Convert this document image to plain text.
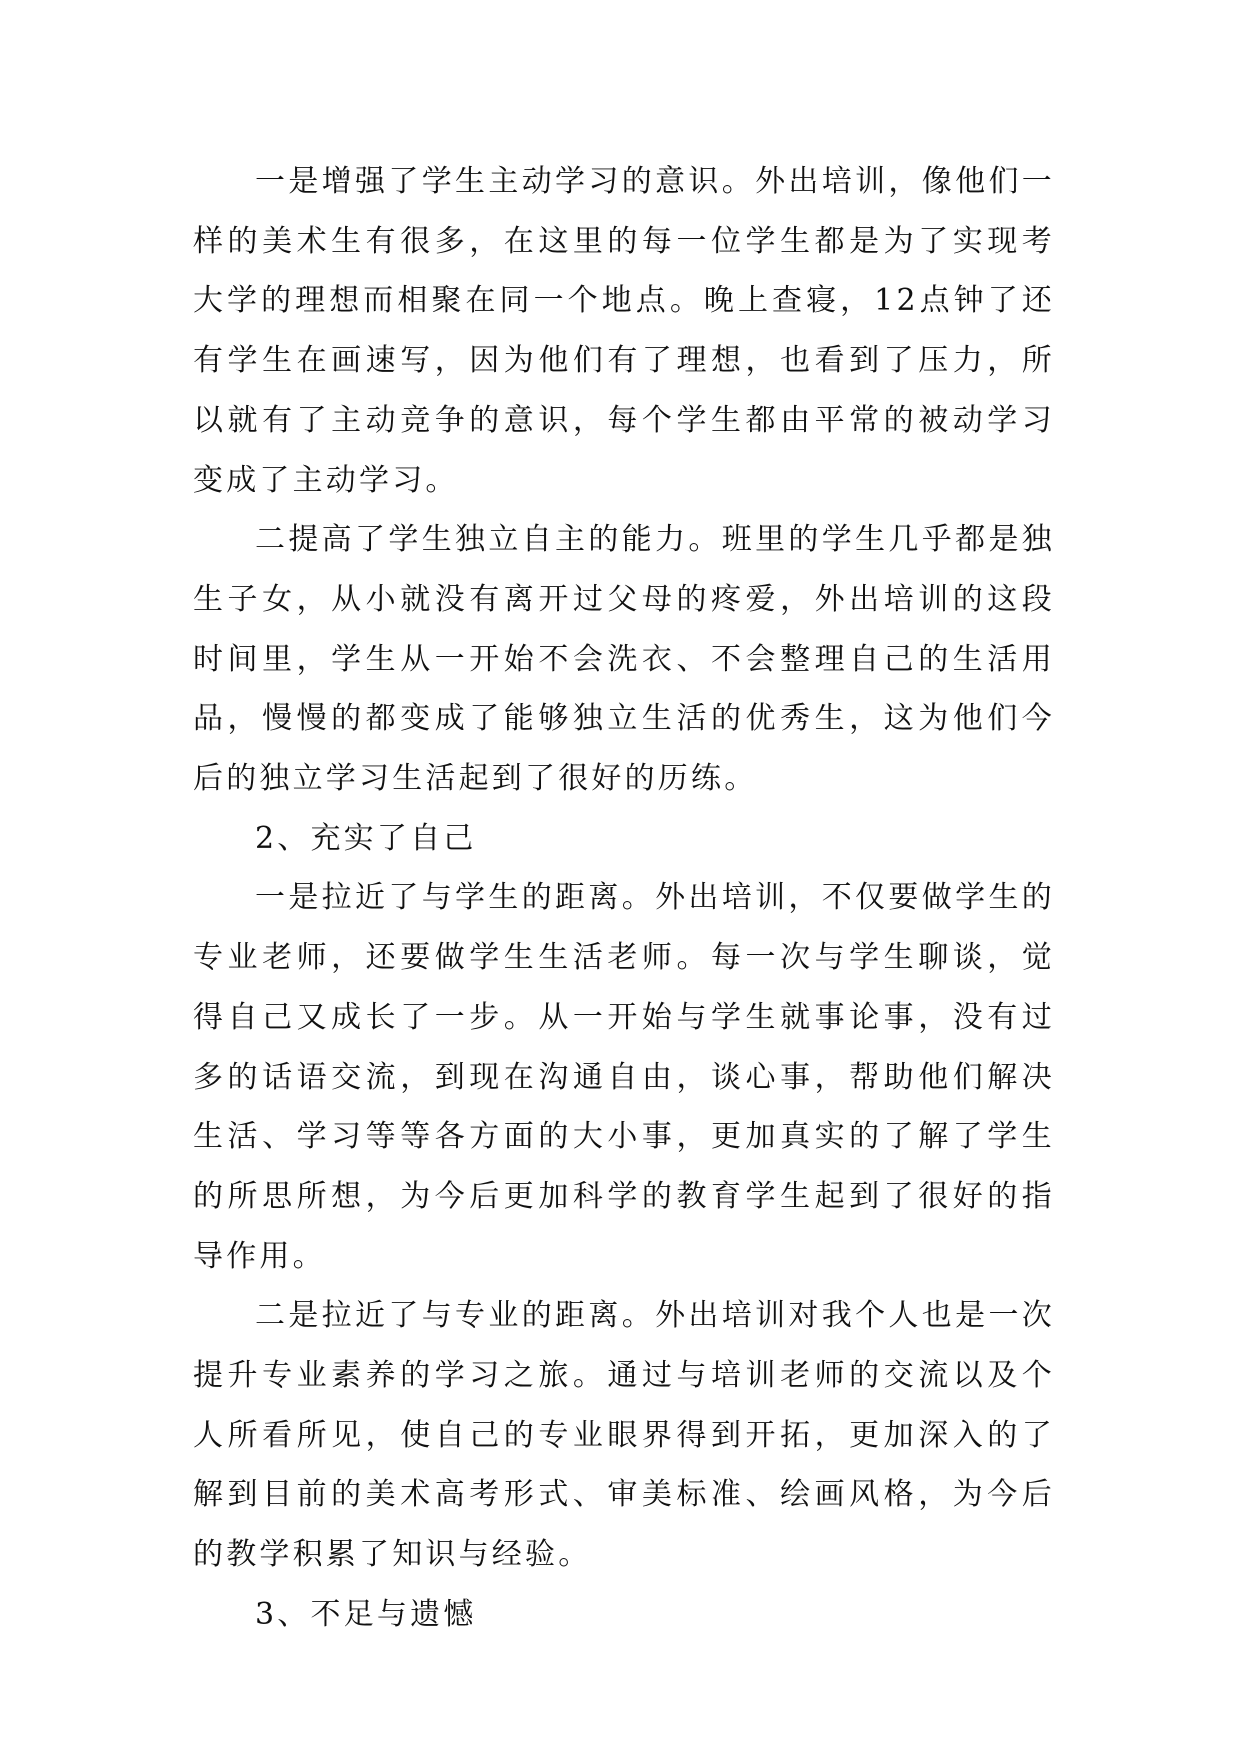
一是增强了学生主动学习的意识。外出培训，像他们一样的美术生有很多，在这里的每一位学生都是为了实现考大学的理想而相聚在同一个地点。晚上查寝，12点钟了还有学生在画速写，因为他们有了理想，也看到了压力，所以就有了主动竞争的意识，每个学生都由平常的被动学习变成了主动学习。

二提高了学生独立自主的能力。班里的学生几乎都是独生子女，从小就没有离开过父母的疼爱，外出培训的这段时间里，学生从一开始不会洗衣、不会整理自己的生活用品，慢慢的都变成了能够独立生活的优秀生，这为他们今后的独立学习生活起到了很好的历练。

2、充实了自己

一是拉近了与学生的距离。外出培训，不仅要做学生的专业老师，还要做学生生活老师。每一次与学生聊谈，觉得自己又成长了一步。从一开始与学生就事论事，没有过多的话语交流，到现在沟通自由，谈心事，帮助他们解决生活、学习等等各方面的大小事，更加真实的了解了学生的所思所想，为今后更加科学的教育学生起到了很好的指导作用。

二是拉近了与专业的距离。外出培训对我个人也是一次提升专业素养的学习之旅。通过与培训老师的交流以及个人所看所见，使自己的专业眼界得到开拓，更加深入的了解到目前的美术高考形式、审美标准、绘画风格，为今后的教学积累了知识与经验。

3、不足与遗憾
